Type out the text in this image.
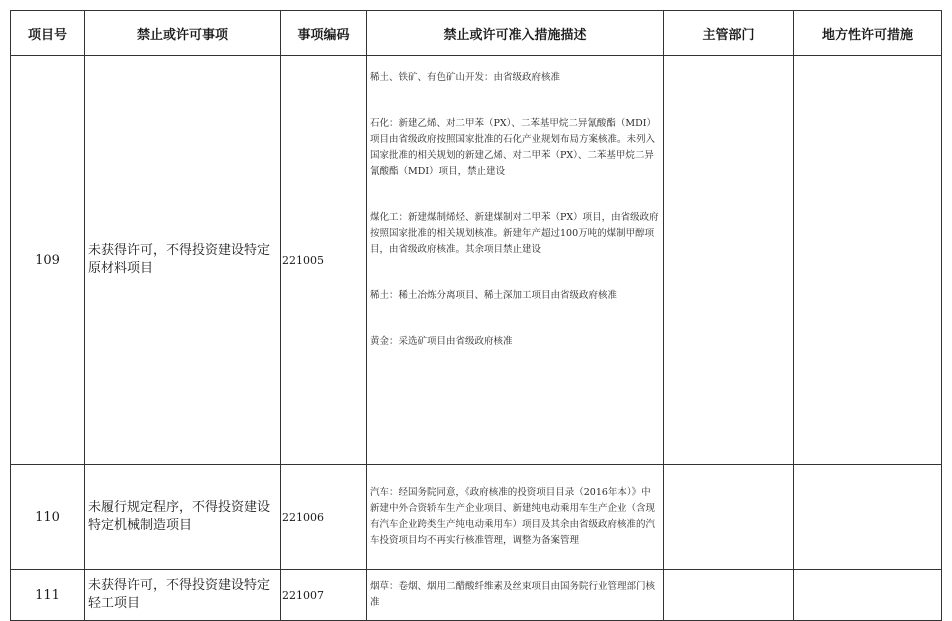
项目号	禁止或许可事项	事项编码	禁止或许可准入措施描述	主管部门	地方性许可措施
109	未获得许可，不得投资建设特定原材料项目	221005	稀土、铁矿、有色矿山开发：由省级政府核准

石化：新建乙烯、对二甲苯（PX）、二苯基甲烷二异氰酸酯（MDI）项目由省级政府按照国家批准的石化产业规划布局方案核准。未列入国家批准的相关规划的新建乙烯、对二甲苯（PX）、二苯基甲烷二异氰酸酯（MDI）项目，禁止建设

煤化工：新建煤制烯烃、新建煤制对二甲苯（PX）项目，由省级政府按照国家批准的相关规划核准。新建年产超过100万吨的煤制甲醇项目，由省级政府核准。其余项目禁止建设

稀土：稀土冶炼分离项目、稀土深加工项目由省级政府核准

黄金：采选矿项目由省级政府核准		

110	未履行规定程序，不得投资建设特定机械制造项目	221006	汽车：经国务院同意，《政府核准的投资项目目录（2016年本）》中新建中外合资轿车生产企业项目、新建纯电动乘用车生产企业（含现有汽车企业跨类生产纯电动乘用车）项目及其余由省级政府核准的汽车投资项目均不再实行核准管理，调整为备案管理		

111	未获得许可，不得投资建设特定轻工项目	221007	烟草：卷烟、烟用二醋酸纤维素及丝束项目由国务院行业管理部门核准		
